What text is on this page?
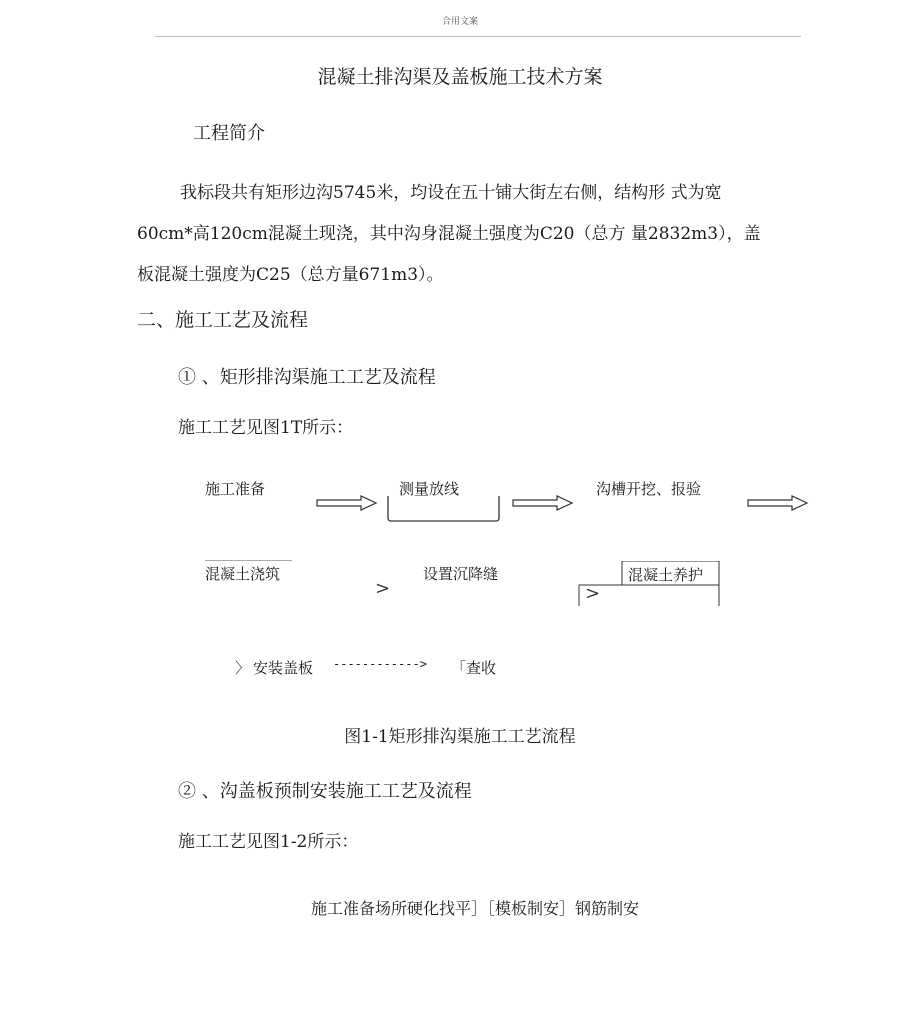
合用文案
混凝土排沟渠及盖板施工技术方案
工程简介
我标段共有矩形边沟5745米，均设在五十铺大街左右侧，结构形 式为宽
60cm*高120cm混凝土现浇，其中沟身混凝土强度为C20（总方 量2832m3），盖
板混凝土强度为C25（总方量671m3）。
二、施工工艺及流程
① 、矩形排沟渠施工工艺及流程
施工工艺见图1T所示：
施工准备	测量放线	沟槽开挖、报验
混凝土浇筑
>
设置沉降缝	混凝土养护
>
〉 安装盖板 ------------> 「查收
图1-1矩形排沟渠施工工艺流程
② 、沟盖板预制安装施工工艺及流程
施工工艺见图1-2所示：
施工准备场所硬化找平］［模板制安］钢筋制安
